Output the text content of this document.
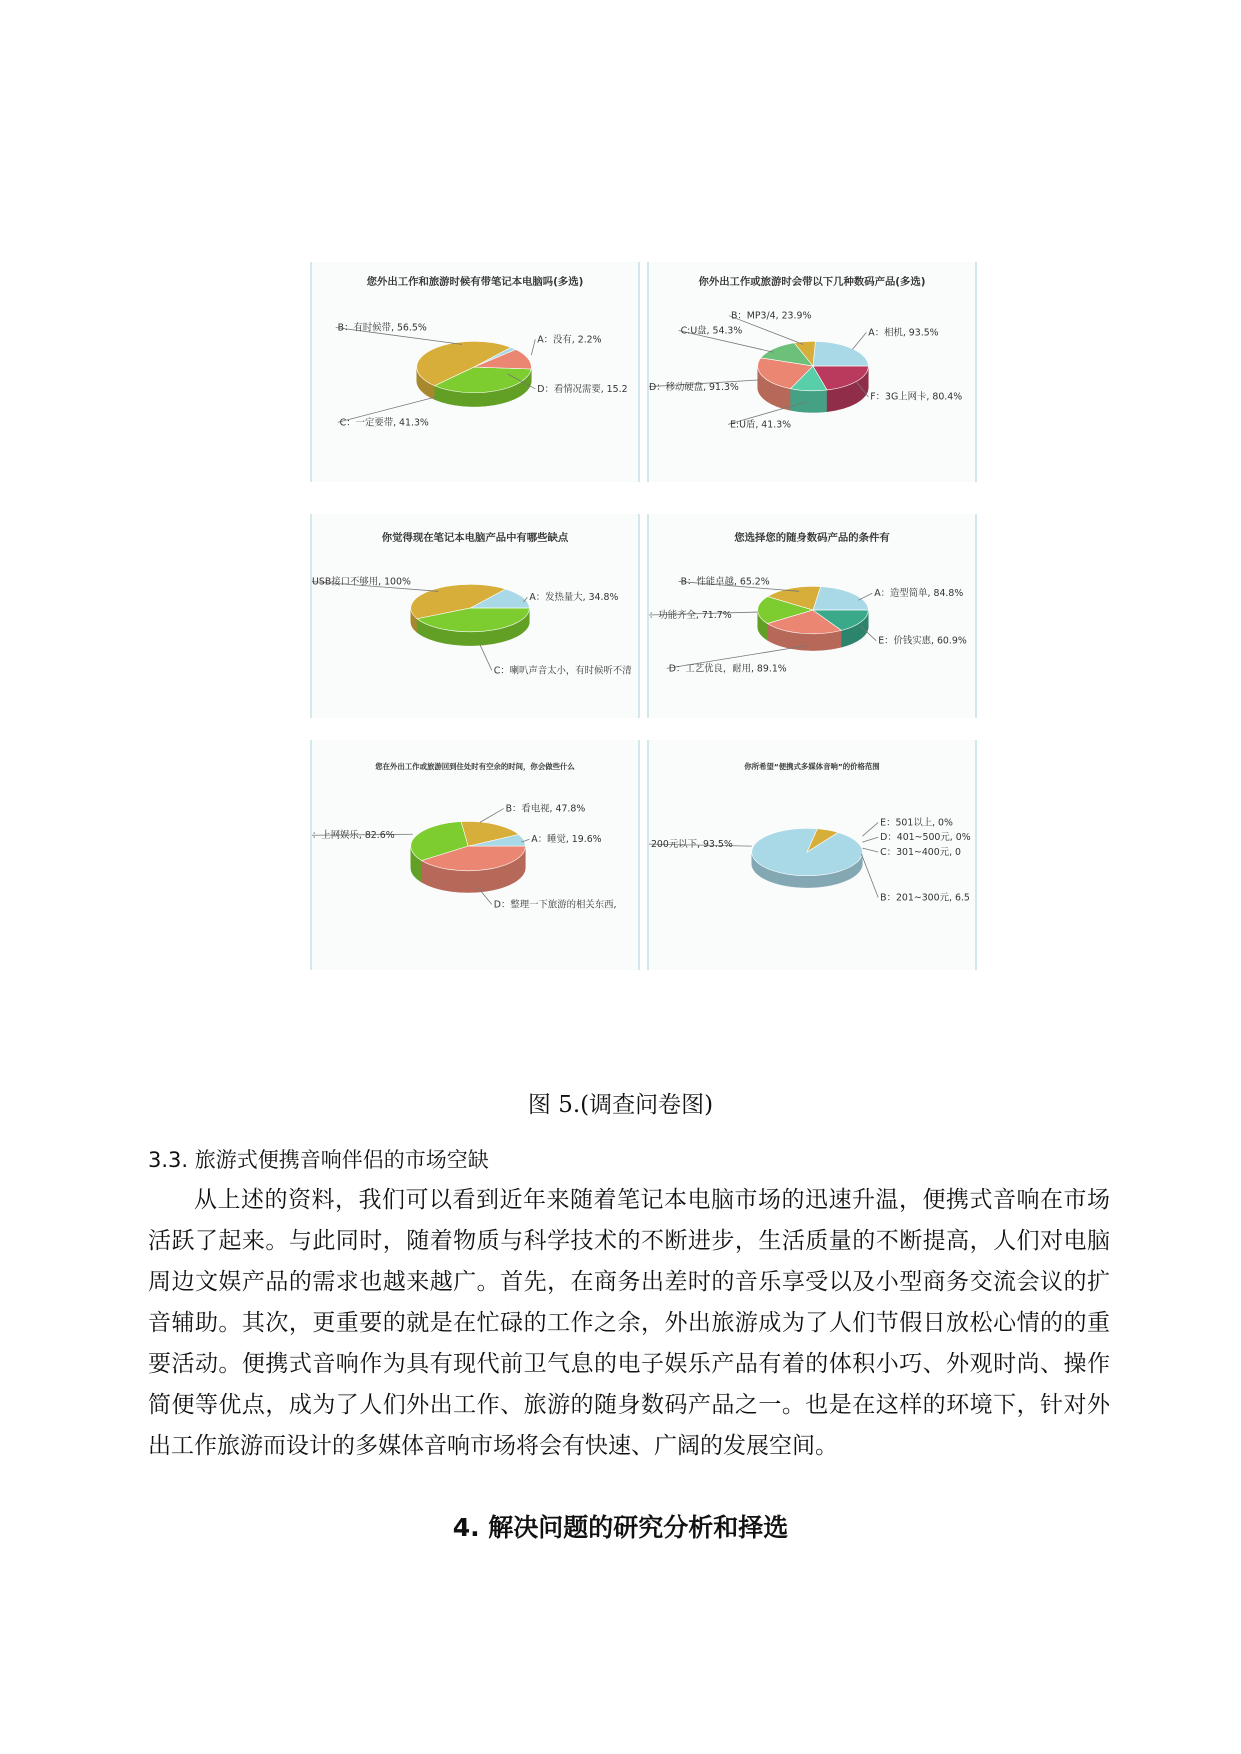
您外出工作和旅游时候有带笔记本电脑吗(多选)
A：没有, 2.2%
B：有时候带, 56.5%
C：一定要带, 41.3%
D：看情况需要, 15.2
你外出工作或旅游时会带以下几种数码产品(多选)
A：相机, 93.5%
B：MP3/4, 23.9%
C:U盘, 54.3%
D：移动硬盘, 91.3%
E:U盾, 41.3%
F：3G上网卡, 80.4%
你觉得现在笔记本电脑产品中有哪些缺点
A：发热量大, 34.8%
USB接口不够用, 100%
C：喇叭声音太小，有时候听不清
您选择您的随身数码产品的条件有
A：造型简单, 84.8%
B：性能卓越, 65.2%
：功能齐全, 71.7%
D：工艺优良，耐用, 89.1%
E：价钱实惠, 60.9%
您在外出工作或旅游回到住处时有空余的时间，你会做些什么
A：睡觉, 19.6%
B：看电视, 47.8%
：上网娱乐, 82.6%
D：整理一下旅游的相关东西,
你所希望“便携式多媒体音响”的价格范围
200元以下, 93.5%
B：201~300元, 6.5
C：301~400元, 0
D：401~500元, 0%
E：501以上, 0%
图 5.(调查问卷图)
3.3. 旅游式便携音响伴侣的市场空缺

从上述的资料，我们可以看到近年来随着笔记本电脑市场的迅速升温，便携式音响在市场活跃了起来。与此同时，随着物质与科学技术的不断进步，生活质量的不断提高，人们对电脑周边文娱产品的需求也越来越广。首先，在商务出差时的音乐享受以及小型商务交流会议的扩音辅助。其次，更重要的就是在忙碌的工作之余，外出旅游成为了人们节假日放松心情的的重要活动。便携式音响作为具有现代前卫气息的电子娱乐产品有着的体积小巧、外观时尚、操作简便等优点，成为了人们外出工作、旅游的随身数码产品之一。也是在这样的环境下，针对外出工作旅游而设计的多媒体音响市场将会有快速、广阔的发展空间。

4. 解决问题的研究分析和择选
